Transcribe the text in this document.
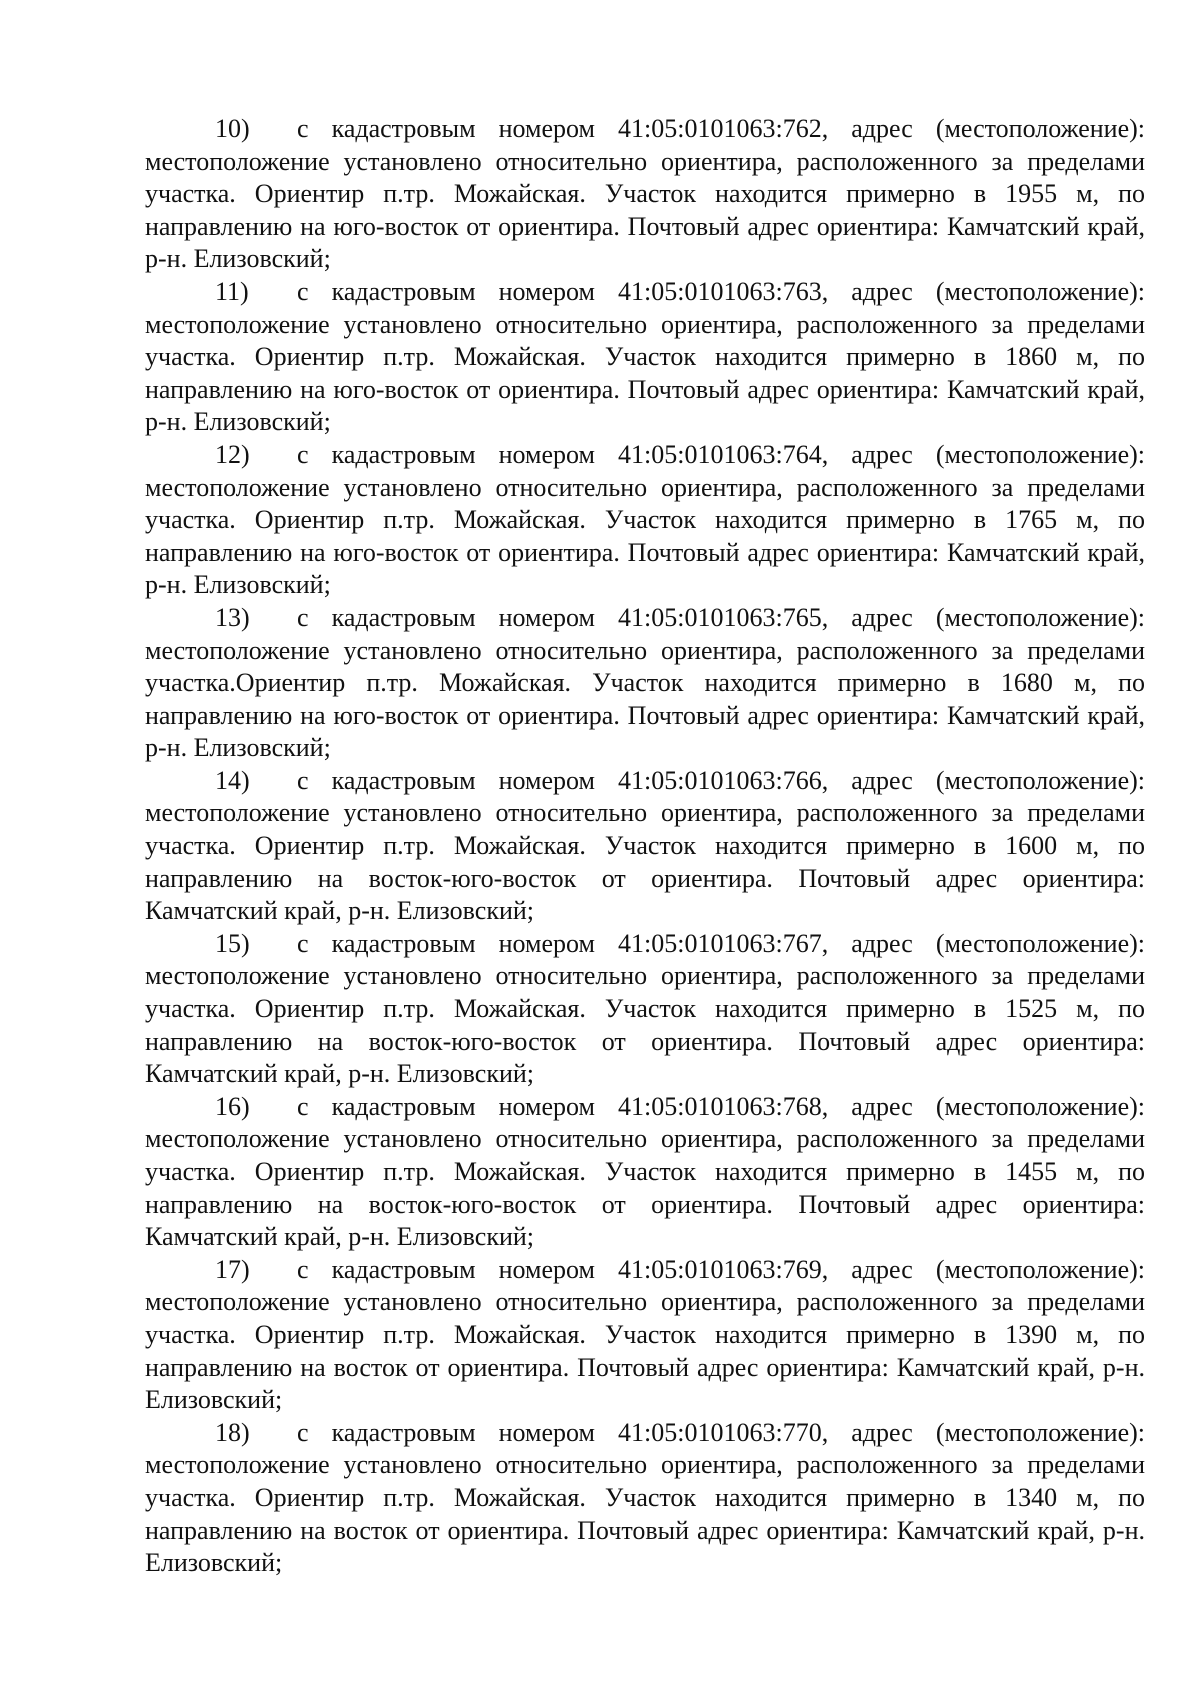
10) с кадастровым номером 41:05:0101063:762, адрес (местоположение): местоположение установлено относительно ориентира, расположенного за пределами участка. Ориентир п.тр. Можайская. Участок находится примерно в 1955 м, по направлению на юго-восток от ориентира. Почтовый адрес ориентира: Камчатский край, р-н. Елизовский;

11) с кадастровым номером 41:05:0101063:763, адрес (местоположение): местоположение установлено относительно ориентира, расположенного за пределами участка. Ориентир п.тр. Можайская. Участок находится примерно в 1860 м, по направлению на юго-восток от ориентира. Почтовый адрес ориентира: Камчатский край, р-н. Елизовский;

12) с кадастровым номером 41:05:0101063:764, адрес (местоположение): местоположение установлено относительно ориентира, расположенного за пределами участка. Ориентир п.тр. Можайская. Участок находится примерно в 1765 м, по направлению на юго-восток от ориентира. Почтовый адрес ориентира: Камчатский край, р-н. Елизовский;

13) с кадастровым номером 41:05:0101063:765, адрес (местоположение): местоположение установлено относительно ориентира, расположенного за пределами участка.Ориентир п.тр. Можайская. Участок находится примерно в 1680 м, по направлению на юго-восток от ориентира. Почтовый адрес ориентира: Камчатский край, р-н. Елизовский;

14) с кадастровым номером 41:05:0101063:766, адрес (местоположение): местоположение установлено относительно ориентира, расположенного за пределами участка. Ориентир п.тр. Можайская. Участок находится примерно в 1600 м, по направлению на восток-юго-восток от ориентира. Почтовый адрес ориентира: Камчатский край, р-н. Елизовский;

15) с кадастровым номером 41:05:0101063:767, адрес (местоположение): местоположение установлено относительно ориентира, расположенного за пределами участка. Ориентир п.тр. Можайская. Участок находится примерно в 1525 м, по направлению на восток-юго-восток от ориентира. Почтовый адрес ориентира: Камчатский край, р-н. Елизовский;

16) с кадастровым номером 41:05:0101063:768, адрес (местоположение): местоположение установлено относительно ориентира, расположенного за пределами участка. Ориентир п.тр. Можайская. Участок находится примерно в 1455 м, по направлению на восток-юго-восток от ориентира. Почтовый адрес ориентира: Камчатский край, р-н. Елизовский;

17) с кадастровым номером 41:05:0101063:769, адрес (местоположение): местоположение установлено относительно ориентира, расположенного за пределами участка. Ориентир п.тр. Можайская. Участок находится примерно в 1390 м, по направлению на восток от ориентира. Почтовый адрес ориентира: Камчатский край, р-н. Елизовский;

18) с кадастровым номером 41:05:0101063:770, адрес (местоположение): местоположение установлено относительно ориентира, расположенного за пределами участка. Ориентир п.тр. Можайская. Участок находится примерно в 1340 м, по направлению на восток от ориентира. Почтовый адрес ориентира: Камчатский край, р-н. Елизовский;
